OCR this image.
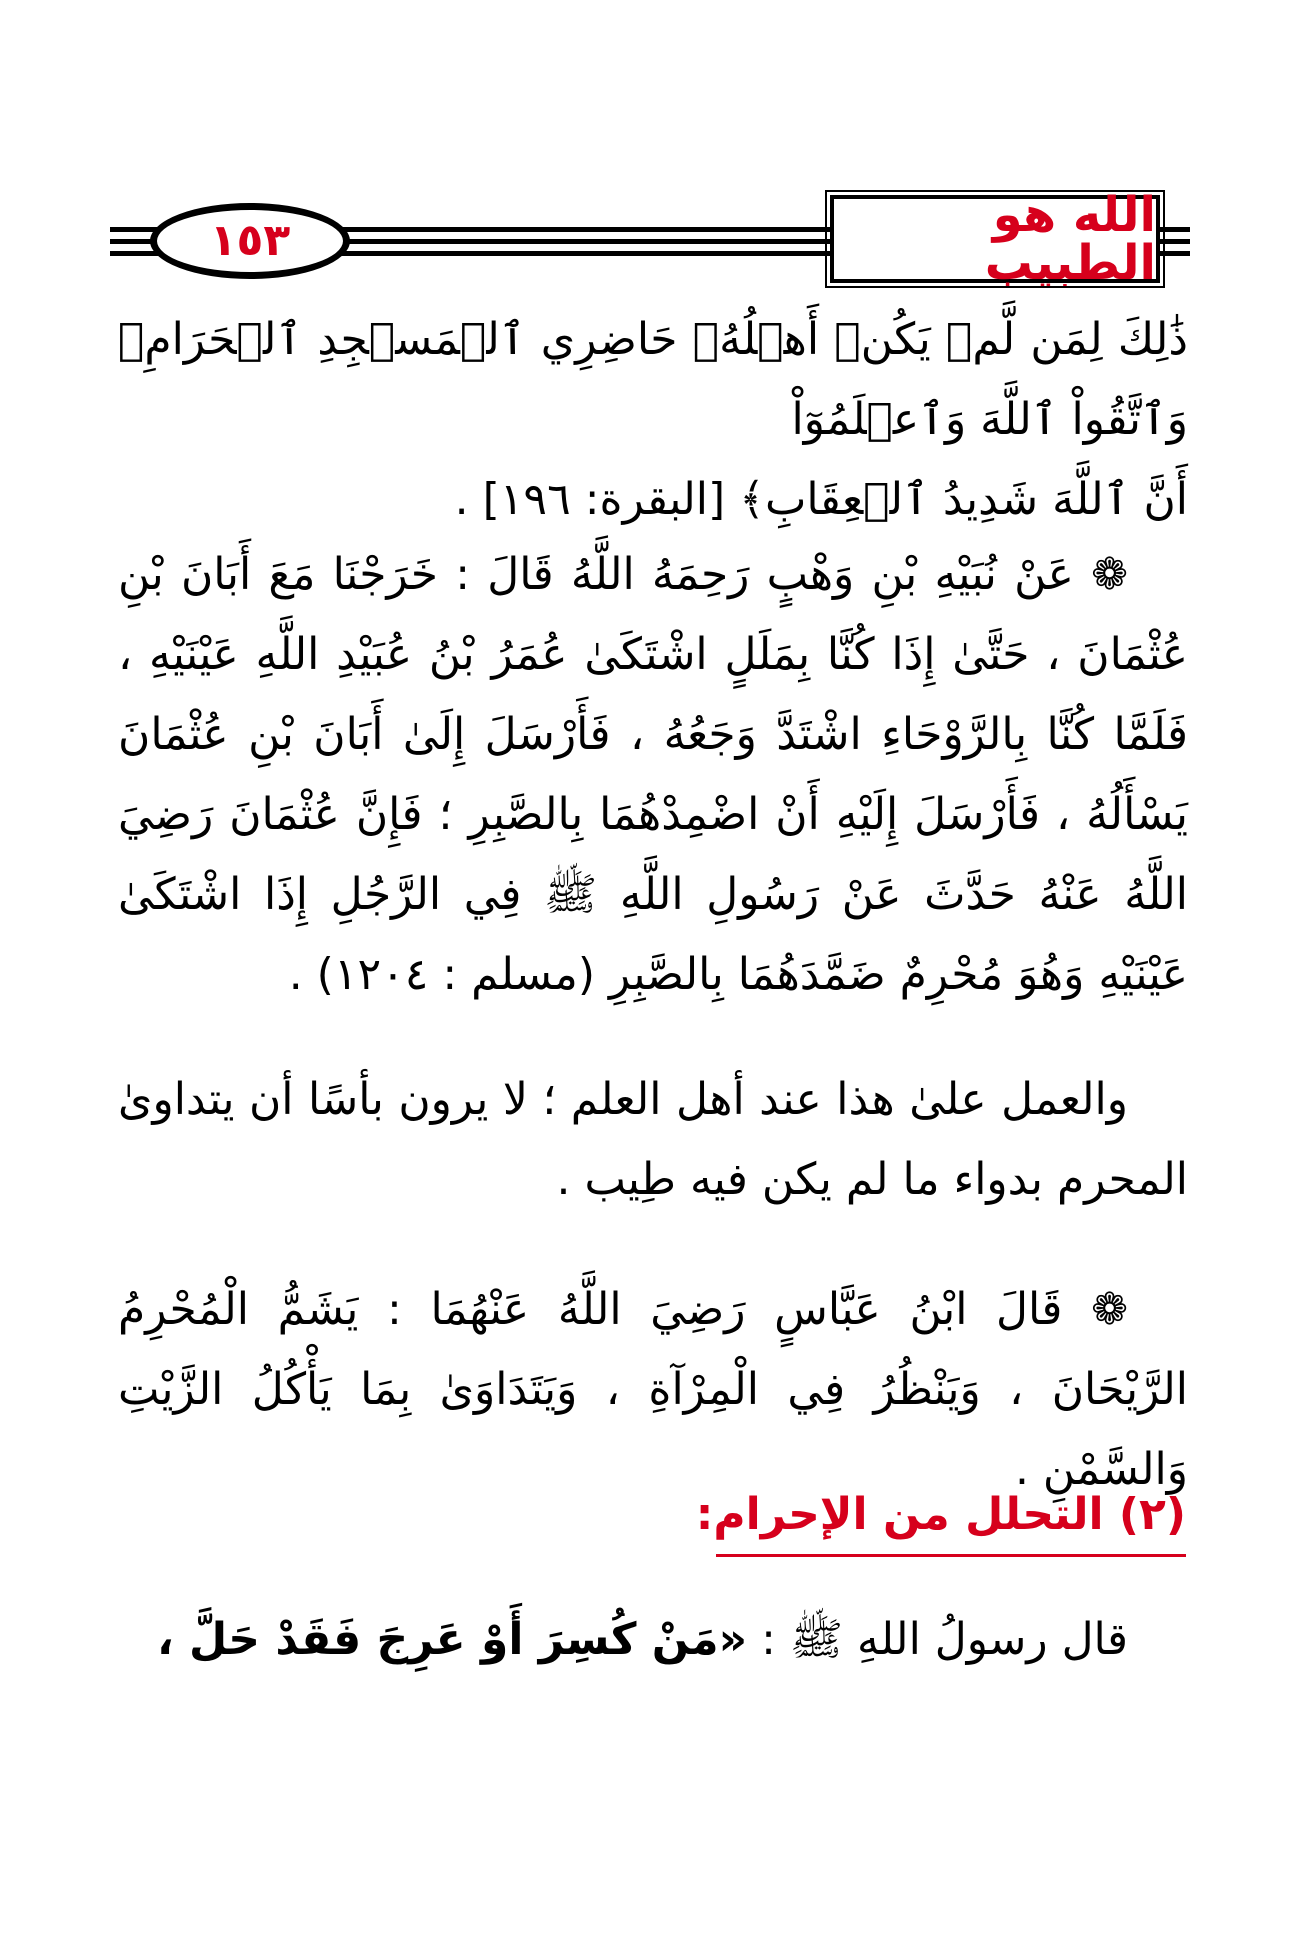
١٥٣	الله هو الطبيب

ذَٰلِكَ لِمَن لَّمۡ يَكُنۡ أَهۡلُهُۥ حَاضِرِي ٱلۡمَسۡجِدِ ٱلۡحَرَامِۚ وَٱتَّقُواْ ٱللَّهَ وَٱعۡلَمُوٓاْ

أَنَّ ٱللَّهَ شَدِيدُ ٱلۡعِقَابِ﴾ [البقرة: ١٩٦] .

❁ عَنْ نُبَيْهِ بْنِ وَهْبٍ رَحِمَهُ اللَّهُ قَالَ : خَرَجْنَا مَعَ أَبَانَ بْنِ عُثْمَانَ ، حَتَّىٰ إِذَا كُنَّا بِمَلَلٍ اشْتَكَىٰ عُمَرُ بْنُ عُبَيْدِ اللَّهِ عَيْنَيْهِ ، فَلَمَّا كُنَّا بِالرَّوْحَاءِ اشْتَدَّ وَجَعُهُ ، فَأَرْسَلَ إِلَىٰ أَبَانَ بْنِ عُثْمَانَ يَسْأَلُهُ ، فَأَرْسَلَ إِلَيْهِ أَنْ اضْمِدْهُمَا بِالصَّبِرِ ؛ فَإِنَّ عُثْمَانَ رَضِيَ اللَّهُ عَنْهُ حَدَّثَ عَنْ رَسُولِ اللَّهِ ﷺ فِي الرَّجُلِ إِذَا اشْتَكَىٰ عَيْنَيْهِ وَهُوَ مُحْرِمٌ ضَمَّدَهُمَا بِالصَّبِرِ (مسلم : ١٢٠٤) .

والعمل علىٰ هذا عند أهل العلم ؛ لا يرون بأسًا أن يتداوىٰ المحرم بدواء ما لم يكن فيه طِيب .

❁ قَالَ ابْنُ عَبَّاسٍ رَضِيَ اللَّهُ عَنْهُمَا : يَشَمُّ الْمُحْرِمُ الرَّيْحَانَ ، وَيَنْظُرُ فِي الْمِرْآةِ ، وَيَتَدَاوَىٰ بِمَا يَأْكُلُ الزَّيْتِ وَالسَّمْنِ .

(٢) التحلل من الإحرام:

قال رسولُ اللهِ ﷺ : «مَنْ كُسِرَ أَوْ عَرِجَ فَقَدْ حَلَّ ،
